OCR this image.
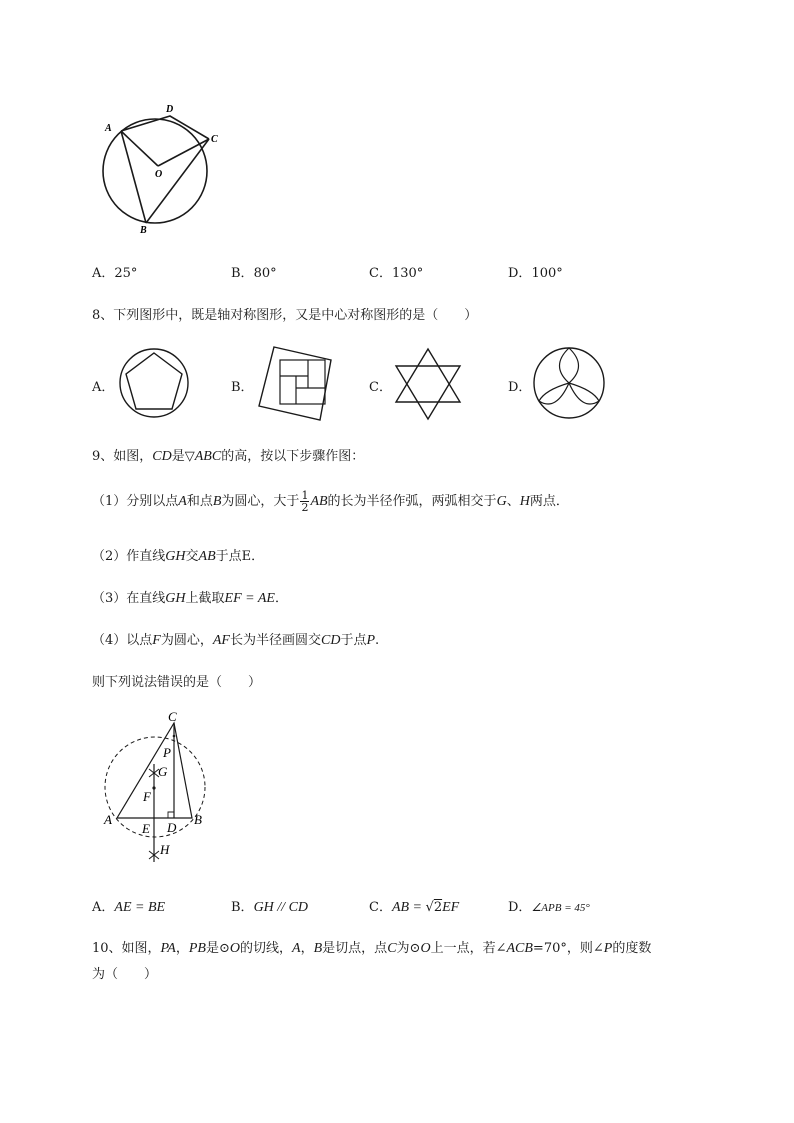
A
D
C
O
B
A．25°	B．80°	C．130°	D．100°
8、下列图形中，既是轴对称图形，又是中心对称图形的是（　　）
A．	B．	C．	D．
9、如图，CD是▽ABC的高，按以下步骤作图：
（1）分别以点A和点B为圆心，大于 $\frac{1}{2}$ AB的长为半径作弧，两弧相交于G、H两点．
（2）作直线GH交AB于点E．
（3）在直线GH上截取EF = AE．
（4）以点F为圆心，AF长为半径画圆交CD于点P.
则下列说法错误的是（　　）
C
P
G
F
A
E D
B
H
A．AE = BE	B．GH // CD	C．AB = √2EF	D．∠APB = 45°
10、如图，PA，PB是⊙O的切线，A，B是切点，点C为⊙O上一点，若∠ACB=70°，则∠P的度数
为（　　）
